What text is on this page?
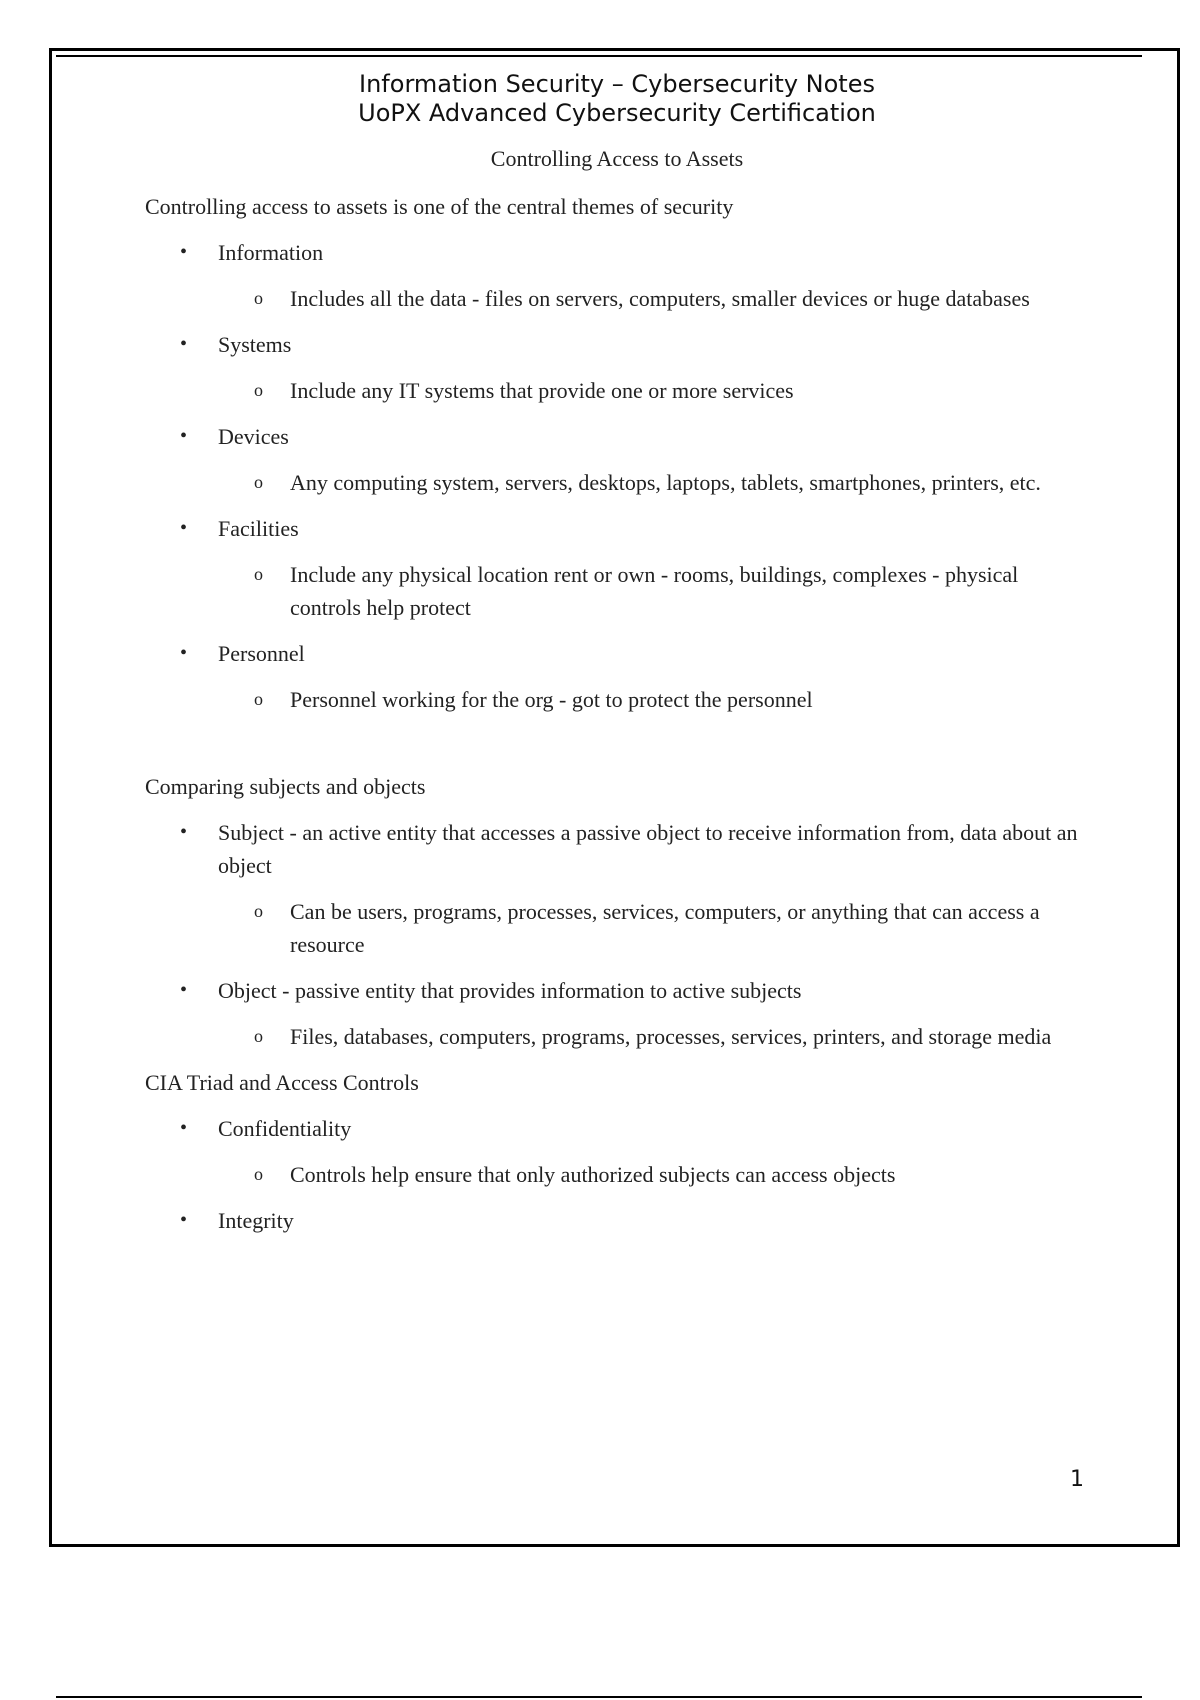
Information Security – Cybersecurity Notes
UoPX Advanced Cybersecurity Certification
Controlling Access to Assets

Controlling access to assets is one of the central themes of security

• Information
o Includes all the data - files on servers, computers, smaller devices or huge databases
• Systems
o Include any IT systems that provide one or more services
• Devices
o Any computing system, servers, desktops, laptops, tablets, smartphones, printers, etc.
• Facilities
o Include any physical location rent or own - rooms, buildings, complexes - physical controls help protect
• Personnel
o Personnel working for the org - got to protect the personnel

Comparing subjects and objects

• Subject - an active entity that accesses a passive object to receive information from, data about an object
o Can be users, programs, processes, services, computers, or anything that can access a resource
• Object - passive entity that provides information to active subjects
o Files, databases, computers, programs, processes, services, printers, and storage media

CIA Triad and Access Controls

• Confidentiality
o Controls help ensure that only authorized subjects can access objects
• Integrity
1
